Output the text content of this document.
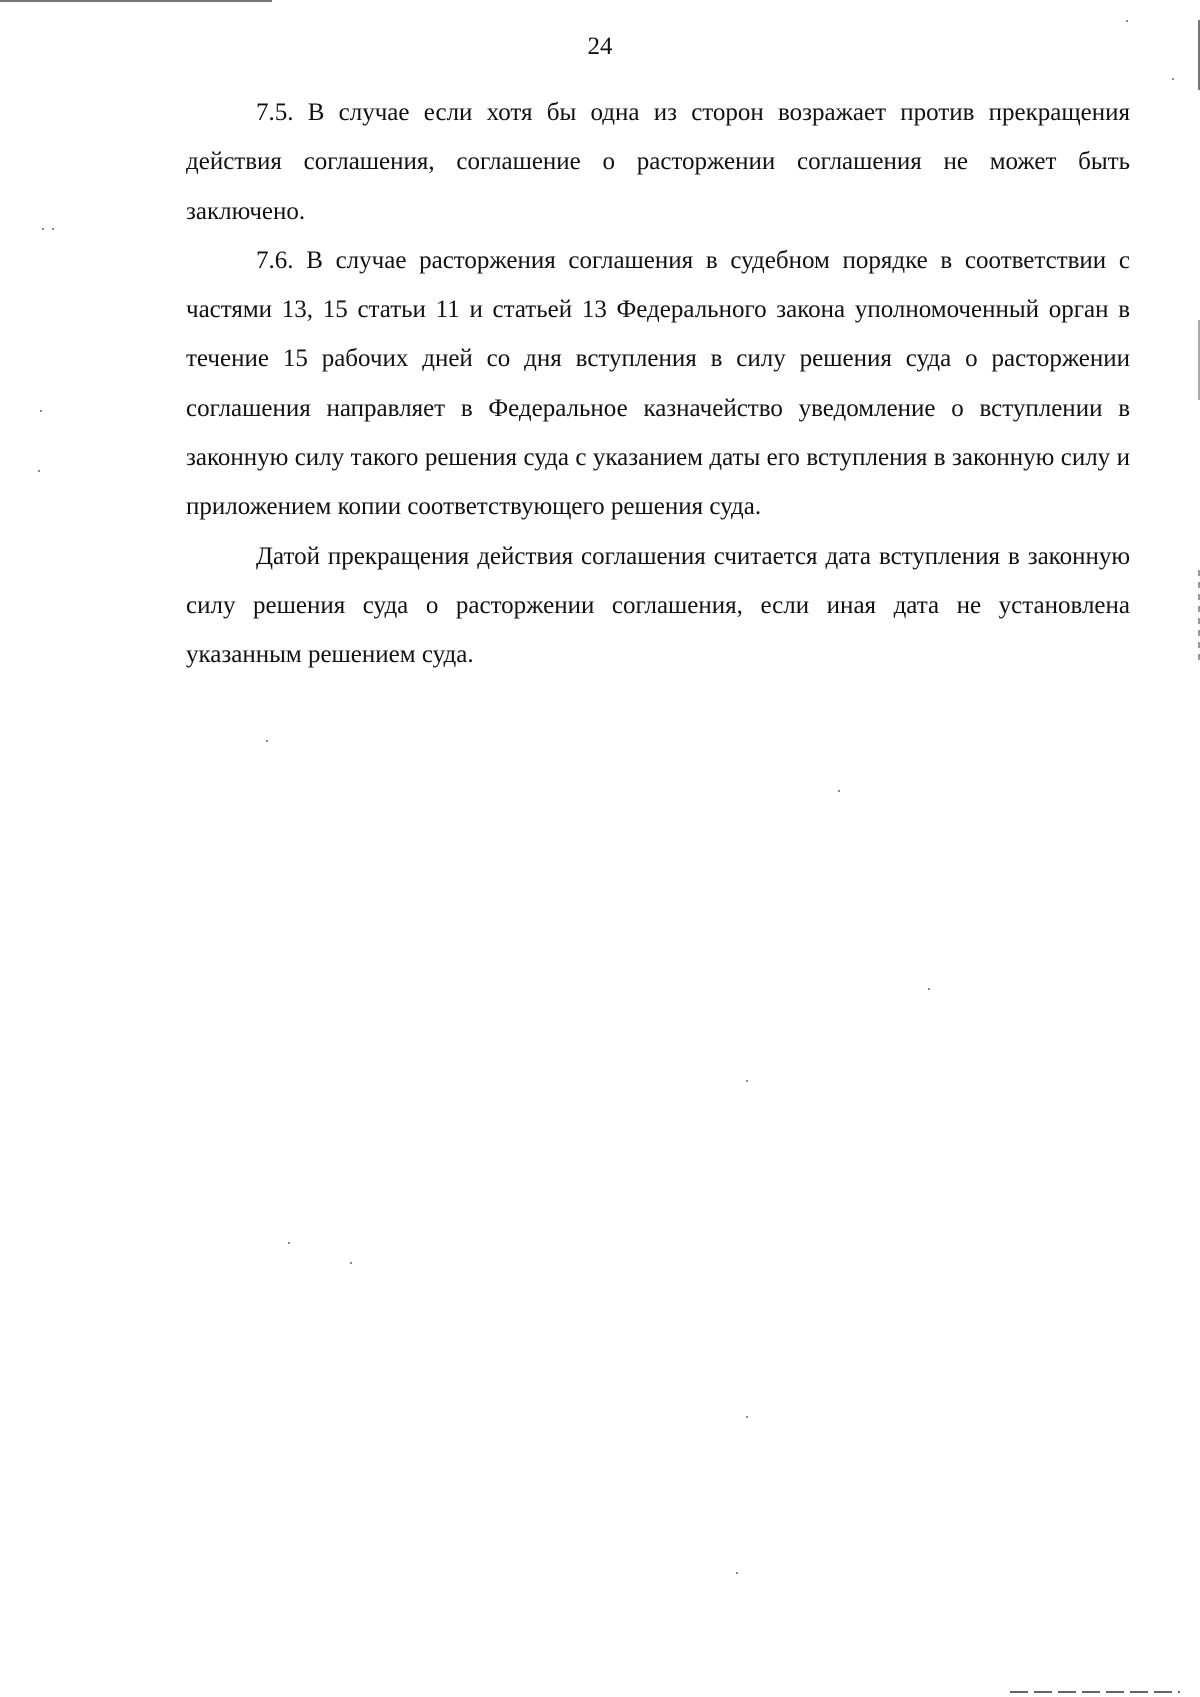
24

7.5. В случае если хотя бы одна из сторон возражает против прекращения действия соглашения, соглашение о расторжении соглашения не может быть заключено.

7.6. В случае расторжения соглашения в судебном порядке в соответствии с частями 13, 15 статьи 11 и статьей 13 Федерального закона уполномоченный орган в течение 15 рабочих дней со дня вступления в силу решения суда о расторжении соглашения направляет в Федеральное казначейство уведомление о вступлении в законную силу такого решения суда с указанием даты его вступления в законную силу и приложением копии соответствующего решения суда.

Датой прекращения действия соглашения считается дата вступления в законную силу решения суда о расторжении соглашения, если иная дата не установлена указанным решением суда.
